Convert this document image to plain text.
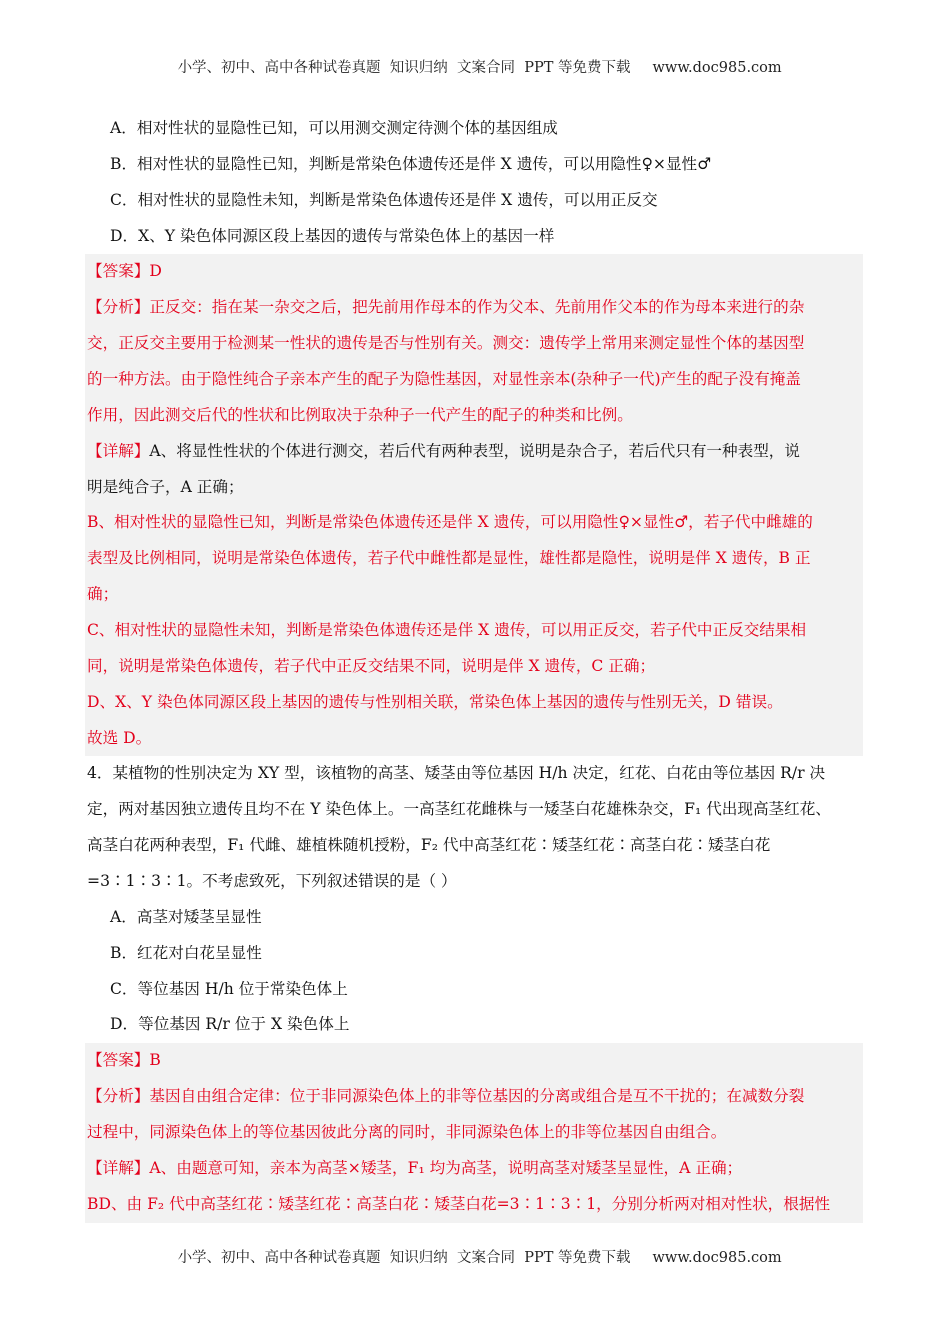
小学、初中、高中各种试卷真题  知识归纳  文案合同  PPT 等免费下载 www.doc985.com

A．相对性状的显隐性已知，可以用测交测定待测个体的基因组成
B．相对性状的显隐性已知，判断是常染色体遗传还是伴 X 遗传，可以用隐性♀×显性♂
C．相对性状的显隐性未知，判断是常染色体遗传还是伴 X 遗传，可以用正反交
D．X、Y 染色体同源区段上基因的遗传与常染色体上的基因一样
【答案】D
【分析】正反交：指在某一杂交之后，把先前用作母本的作为父本、先前用作父本的作为母本来进行的杂
交，正反交主要用于检测某一性状的遗传是否与性别有关。测交：遗传学上常用来测定显性个体的基因型
的一种方法。由于隐性纯合子亲本产生的配子为隐性基因，对显性亲本(杂种子一代)产生的配子没有掩盖
作用，因此测交后代的性状和比例取决于杂种子一代产生的配子的种类和比例。
【详解】A、将显性性状的个体进行测交，若后代有两种表型，说明是杂合子，若后代只有一种表型，说
明是纯合子，A 正确；
B、相对性状的显隐性已知，判断是常染色体遗传还是伴 X 遗传，可以用隐性♀×显性♂，若子代中雌雄的
表型及比例相同，说明是常染色体遗传，若子代中雌性都是显性，雄性都是隐性，说明是伴 X 遗传，B 正
确；
C、相对性状的显隐性未知，判断是常染色体遗传还是伴 X 遗传，可以用正反交，若子代中正反交结果相
同，说明是常染色体遗传，若子代中正反交结果不同，说明是伴 X 遗传，C 正确；
D、X、Y 染色体同源区段上基因的遗传与性别相关联，常染色体上基因的遗传与性别无关，D 错误。
故选 D。
4．某植物的性别决定为 XY 型，该植物的高茎、矮茎由等位基因 H/h 决定，红花、白花由等位基因 R/r 决
定，两对基因独立遗传且均不在 Y 染色体上。一高茎红花雌株与一矮茎白花雄株杂交，F₁ 代出现高茎红花、
高茎白花两种表型，F₁ 代雌、雄植株随机授粉，F₂ 代中高茎红花∶矮茎红花∶高茎白花∶矮茎白花
=3∶1∶3∶1。不考虑致死，下列叙述错误的是（ ）
A．高茎对矮茎呈显性
B．红花对白花呈显性
C．等位基因 H/h 位于常染色体上
D．等位基因 R/r 位于 X 染色体上
【答案】B
【分析】基因自由组合定律：位于非同源染色体上的非等位基因的分离或组合是互不干扰的；在减数分裂
过程中，同源染色体上的等位基因彼此分离的同时，非同源染色体上的非等位基因自由组合。
【详解】A、由题意可知，亲本为高茎×矮茎，F₁ 均为高茎，说明高茎对矮茎呈显性，A 正确；
BD、由 F₂ 代中高茎红花∶矮茎红花∶高茎白花∶矮茎白花=3∶1∶3∶1，分别分析两对相对性状，根据性

小学、初中、高中各种试卷真题  知识归纳  文案合同  PPT 等免费下载 www.doc985.com
